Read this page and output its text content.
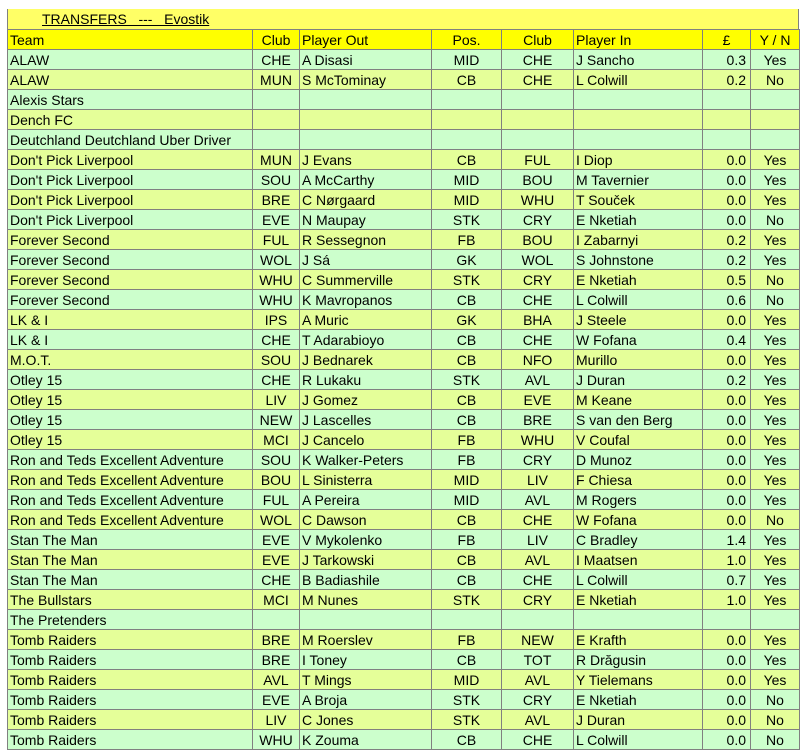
TRANSFERS   ---   Evostik
Team	Club	Player Out	Pos.	Club	Player In	£	Y / N
ALAW	CHE	A Disasi	MID	CHE	J Sancho	0.3	Yes
ALAW	MUN	S McTominay	CB	CHE	L Colwill	0.2	No
Alexis Stars							
Dench FC							
Deutchland Deutchland Uber Driver							
Don't Pick Liverpool	MUN	J Evans	CB	FUL	I Diop	0.0	Yes
Don't Pick Liverpool	SOU	A McCarthy	MID	BOU	M Tavernier	0.0	Yes
Don't Pick Liverpool	BRE	C Nørgaard	MID	WHU	T Souček	0.0	Yes
Don't Pick Liverpool	EVE	N Maupay	STK	CRY	E Nketiah	0.0	No
Forever Second	FUL	R Sessegnon	FB	BOU	I Zabarnyi	0.2	Yes
Forever Second	WOL	J Sá	GK	WOL	S Johnstone	0.2	Yes
Forever Second	WHU	C Summerville	STK	CRY	E Nketiah	0.5	No
Forever Second	WHU	K Mavropanos	CB	CHE	L Colwill	0.6	No
LK & I	IPS	A Muric	GK	BHA	J Steele	0.0	Yes
LK & I	CHE	T Adarabioyo	CB	CHE	W Fofana	0.4	Yes
M.O.T.	SOU	J Bednarek	CB	NFO	Murillo	0.0	Yes
Otley 15	CHE	R Lukaku	STK	AVL	J Duran	0.2	Yes
Otley 15	LIV	J Gomez	CB	EVE	M Keane	0.0	Yes
Otley 15	NEW	J Lascelles	CB	BRE	S van den Berg	0.0	Yes
Otley 15	MCI	J Cancelo	FB	WHU	V Coufal	0.0	Yes
Ron and Teds Excellent Adventure	SOU	K Walker-Peters	FB	CRY	D Munoz	0.0	Yes
Ron and Teds Excellent Adventure	BOU	L Sinisterra	MID	LIV	F Chiesa	0.0	Yes
Ron and Teds Excellent Adventure	FUL	A Pereira	MID	AVL	M Rogers	0.0	Yes
Ron and Teds Excellent Adventure	WOL	C Dawson	CB	CHE	W Fofana	0.0	No
Stan The Man	EVE	V Mykolenko	FB	LIV	C Bradley	1.4	Yes
Stan The Man	EVE	J Tarkowski	CB	AVL	I Maatsen	1.0	Yes
Stan The Man	CHE	B Badiashile	CB	CHE	L Colwill	0.7	Yes
The Bullstars	MCI	M Nunes	STK	CRY	E Nketiah	1.0	Yes
The Pretenders							
Tomb Raiders	BRE	M Roerslev	FB	NEW	E Krafth	0.0	Yes
Tomb Raiders	BRE	I Toney	CB	TOT	R Drăgusin	0.0	Yes
Tomb Raiders	AVL	T Mings	MID	AVL	Y Tielemans	0.0	Yes
Tomb Raiders	EVE	A Broja	STK	CRY	E Nketiah	0.0	No
Tomb Raiders	LIV	C Jones	STK	AVL	J Duran	0.0	No
Tomb Raiders	WHU	K Zouma	CB	CHE	L Colwill	0.0	No
